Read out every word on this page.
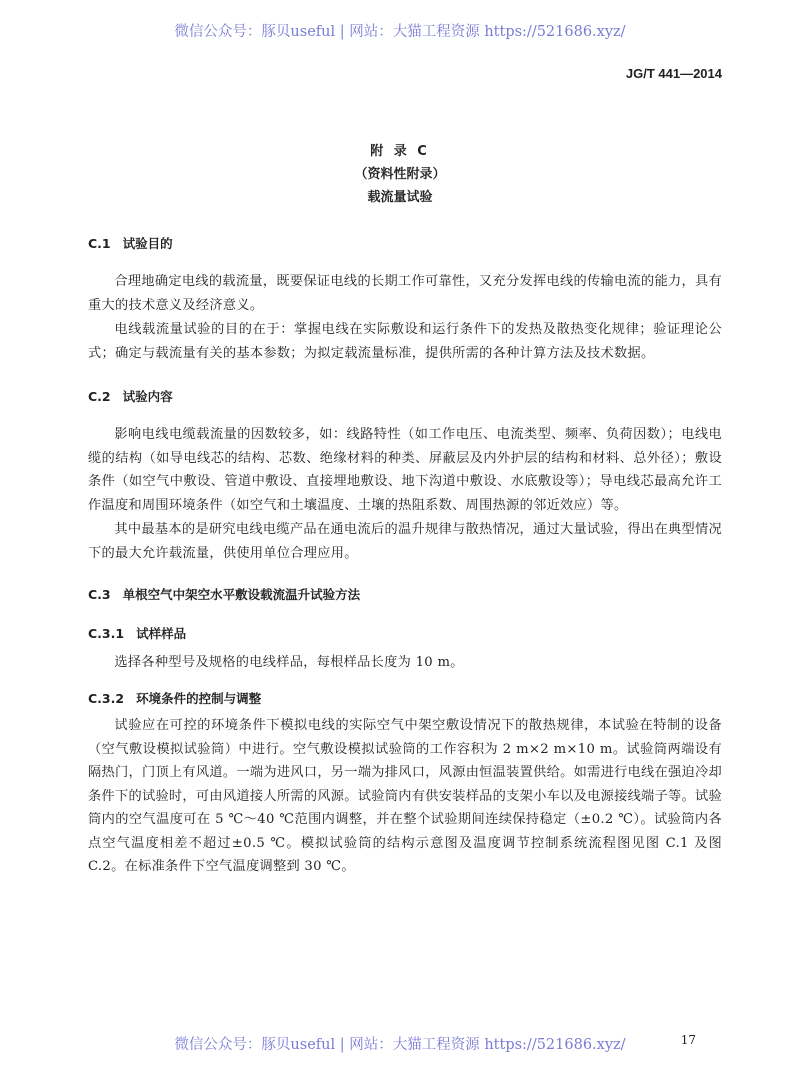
微信公众号：豚贝useful | 网站：大猫工程资源 https://521686.xyz/
JG/T 441—2014
附 录 C
（资料性附录）
载流量试验
C.1 试验目的
合理地确定电线的载流量，既要保证电线的长期工作可靠性，又充分发挥电线的传输电流的能力，具有重大的技术意义及经济意义。
电线载流量试验的目的在于：掌握电线在实际敷设和运行条件下的发热及散热变化规律；验证理论公式；确定与载流量有关的基本参数；为拟定载流量标准，提供所需的各种计算方法及技术数据。
C.2 试验内容
影响电线电缆载流量的因数较多，如：线路特性（如工作电压、电流类型、频率、负荷因数）；电线电缆的结构（如导电线芯的结构、芯数、绝缘材料的种类、屏蔽层及内外护层的结构和材料、总外径）；敷设条件（如空气中敷设、管道中敷设、直接埋地敷设、地下沟道中敷设、水底敷设等）；导电线芯最高允许工作温度和周围环境条件（如空气和土壤温度、土壤的热阻系数、周围热源的邻近效应）等。
其中最基本的是研究电线电缆产品在通电流后的温升规律与散热情况，通过大量试验，得出在典型情况下的最大允许载流量，供使用单位合理应用。
C.3 单根空气中架空水平敷设载流温升试验方法
C.3.1 试样样品
选择各种型号及规格的电线样品，每根样品长度为 10 m。
C.3.2 环境条件的控制与调整
试验应在可控的环境条件下模拟电线的实际空气中架空敷设情况下的散热规律，本试验在特制的设备（空气敷设模拟试验筒）中进行。空气敷设模拟试验筒的工作容积为 2 m×2 m×10 m。试验筒两端设有隔热门，门顶上有风道。一端为进风口，另一端为排风口，风源由恒温装置供给。如需进行电线在强迫冷却条件下的试验时，可由风道接人所需的风源。试验筒内有供安装样品的支架小车以及电源接线端子等。试验筒内的空气温度可在 5 ℃～40 ℃范围内调整，并在整个试验期间连续保持稳定（±0.2 ℃）。试验筒内各点空气温度相差不超过±0.5 ℃。模拟试验筒的结构示意图及温度调节控制系统流程图见图 C.1 及图 C.2。在标准条件下空气温度调整到 30 ℃。
微信公众号：豚贝useful | 网站：大猫工程资源 https://521686.xyz/	17
